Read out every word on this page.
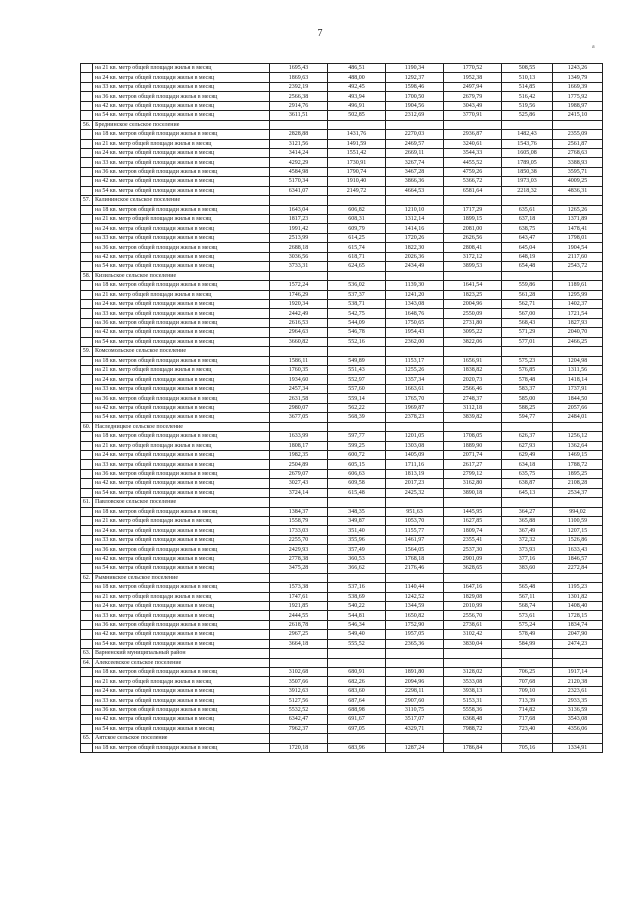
7
a
	на 21 кв. метр общей площади жилья в месяц	1695,43	486,51	1190,34	1770,52	508,55	1243,26
	на 24 кв. метра общей площади жилья в месяц	1869,63	488,00	1292,37	1952,38	510,13	1349,79
	на 33 кв. метра общей площади жилья в месяц	2392,19	492,45	1598,46	2497,94	514,85	1669,39
	на 36 кв. метров общей площади жилья в месяц	2566,38	493,94	1700,50	2679,79	516,42	1775,92
	на 42 кв. метра общей площади жилья в месяц	2914,76	496,91	1904,56	3043,49	519,56	1988,97
	на 54 кв. метра общей площади жилья в месяц	3611,51	502,85	2312,69	3770,91	525,86	2415,10
56.	Бреднинское сельское поселение						
	на 18 кв. метров общей площади жилья в месяц	2828,88	1431,76	2270,03	2936,87	1482,43	2355,09
	на 21 кв. метр общей площади жилья в месяц	3121,56	1491,59	2469,57	3240,61	1543,76	2561,87
	на 24 кв. метра общей площади жилья в месяц	3414,24	1551,42	2669,11	3544,33	1605,08	2768,63
	на 33 кв. метра общей площади жилья в месяц	4292,29	1730,91	3267,74	4455,52	1789,05	3388,93
	на 36 кв. метров общей площади жилья в месяц	4584,98	1790,74	3467,28	4759,26	1850,38	3595,71
	на 42 кв. метра общей площади жилья в месяц	5170,34	1910,40	3866,36	5366,72	1973,03	4009,25
	на 54 кв. метра общей площади жилья в месяц	6341,07	2149,72	4664,53	6581,64	2218,32	4836,31
57.	Калининское сельское поселение						
	на 18 кв. метров общей площади жилья в месяц	1643,04	606,82	1210,10	1717,29	635,61	1265,26
	на 21 кв. метр общей площади жилья в месяц	1817,23	608,31	1312,14	1899,15	637,18	1371,89
	на 24 кв. метра общей площади жилья в месяц	1991,42	609,79	1414,16	2081,00	638,75	1478,41
	на 33 кв. метра общей площади жилья в месяц	2513,99	614,25	1720,26	2626,56	643,47	1798,01
	на 36 кв. метров общей площади жилья в месяц	2688,18	615,74	1822,30	2808,41	645,04	1904,54
	на 42 кв. метра общей площади жилья в месяц	3036,56	618,71	2026,36	3172,12	648,19	2117,60
	на 54 кв. метра общей площади жилья в месяц	3733,31	624,65	2434,49	3899,53	654,48	2543,72
58.	Кизильское сельское поселение						
	на 18 кв. метров общей площади жилья в месяц	1572,24	536,02	1139,30	1641,54	559,86	1189,61
	на 21 кв. метр общей площади жилья в месяц	1746,29	537,37	1241,20	1823,25	561,28	1295,99
	на 24 кв. метра общей площади жилья в месяц	1920,34	538,71	1343,08	2004,96	562,71	1402,37
	на 33 кв. метра общей площади жилья в месяц	2442,49	542,75	1648,76	2550,09	567,00	1721,54
	на 36 кв. метров общей площади жилья в месяц	2616,53	544,09	1750,65	2731,80	568,43	1827,93
	на 42 кв. метра общей площади жилья в месяц	2964,63	546,78	1954,43	3095,22	571,29	2040,70
	на 54 кв. метра общей площади жилья в месяц	3660,82	552,16	2362,00	3822,06	577,01	2466,25
59.	Комсомольское сельское поселение						
	на 18 кв. метров общей площади жилья в месяц	1586,11	549,89	1153,17	1656,91	575,23	1204,98
	на 21 кв. метр общей площади жилья в месяц	1760,35	551,43	1255,26	1838,82	576,85	1311,56
	на 24 кв. метра общей площади жилья в месяц	1934,60	552,97	1357,34	2020,73	578,48	1418,14
	на 33 кв. метра общей площади жилья в месяц	2457,34	557,60	1663,61	2566,46	583,37	1737,91
	на 36 кв. метров общей площади жилья в месяц	2631,58	559,14	1765,70	2748,37	585,00	1844,50
	на 42 кв. метра общей площади жилья в месяц	2980,07	562,22	1969,87	3112,18	588,25	2057,66
	на 54 кв. метра общей площади жилья в месяц	3677,05	568,39	2378,23	3839,82	594,77	2484,01
60.	Наследницкое сельское поселение						
	на 18 кв. метров общей площади жилья в месяц	1633,99	597,77	1201,05	1708,05	626,37	1256,12
	на 21 кв. метр общей площади жилья в месяц	1808,17	599,25	1303,08	1889,90	627,93	1362,64
	на 24 кв. метра общей площади жилья в месяц	1982,35	600,72	1405,09	2071,74	629,49	1469,15
	на 33 кв. метра общей площади жилья в месяц	2504,89	605,15	1711,16	2617,27	634,18	1788,72
	на 36 кв. метров общей площади жилья в месяц	2679,07	606,63	1813,19	2799,12	635,75	1895,25
	на 42 кв. метра общей площади жилья в месяц	3027,43	609,58	2017,23	3162,80	638,87	2108,28
	на 54 кв. метра общей площади жилья в месяц	3724,14	615,48	2425,32	3890,18	645,13	2534,37
61.	Павловское сельское поселение						
	на 18 кв. метров общей площади жилья в месяц	1384,37	348,35	951,63	1445,95	364,27	994,02
	на 21 кв. метр общей площади жилья в месяц	1558,79	349,87	1053,70	1627,85	365,88	1100,59
	на 24 кв. метра общей площади жилья в месяц	1733,03	351,40	1155,77	1809,74	367,49	1207,15
	на 33 кв. метра общей площади жилья в месяц	2255,70	355,96	1461,97	2355,41	372,32	1526,86
	на 36 кв. метров общей площади жилья в месяц	2429,93	357,49	1564,05	2537,30	373,93	1633,43
	на 42 кв. метра общей площади жилья в месяц	2778,38	360,53	1768,18	2901,09	377,16	1846,57
	на 54 кв. метра общей площади жилья в месяц	3475,28	366,62	2176,46	3628,65	383,60	2272,84
62.	Рымникское сельское поселение						
	на 18 кв. метров общей площади жилья в месяц	1573,38	537,16	1140,44	1647,16	565,48	1195,23
	на 21 кв. метр общей площади жилья в месяц	1747,61	538,69	1242,52	1829,08	567,11	1301,82
	на 24 кв. метра общей площади жилья в месяц	1921,85	540,22	1344,59	2010,99	568,74	1408,40
	на 33 кв. метра общей площади жилья в месяц	2444,55	544,81	1650,82	2556,70	573,61	1728,15
	на 36 кв. метров общей площади жилья в месяц	2618,78	546,34	1752,90	2738,61	575,24	1834,74
	на 42 кв. метра общей площади жилья в месяц	2967,25	549,40	1957,05	3102,42	578,49	2047,90
	на 54 кв. метра общей площади жилья в месяц	3664,18	555,52	2365,36	3830,04	584,99	2474,23
63.	Варненский муниципальный район						
64.	Алексеевское сельское поселение						
	на 18 кв. метров общей площади жилья в месяц	3102,68	680,91	1891,80	3128,02	706,25	1917,14
	на 21 кв. метр общей площади жилья в месяц	3507,66	682,26	2094,96	3533,08	707,68	2120,38
	на 24 кв. метра общей площади жилья в месяц	3912,63	683,60	2298,11	3938,13	709,10	2323,61
	на 33 кв. метра общей площади жилья в месяц	5127,56	687,64	2907,60	5153,31	713,39	2933,35
	на 36 кв. метров общей площади жилья в месяц	5532,52	688,98	3110,75	5558,36	714,82	3136,59
	на 42 кв. метра общей площади жилья в месяц	6342,47	691,67	3517,07	6368,48	717,68	3543,08
	на 54 кв. метра общей площади жилья в месяц	7962,37	697,05	4329,71	7988,72	723,40	4356,06
65.	Аятское сельское поселение						
	на 18 кв. метров общей площади жилья в месяц	1720,18	683,96	1287,24	1786,84	705,16	1334,91
